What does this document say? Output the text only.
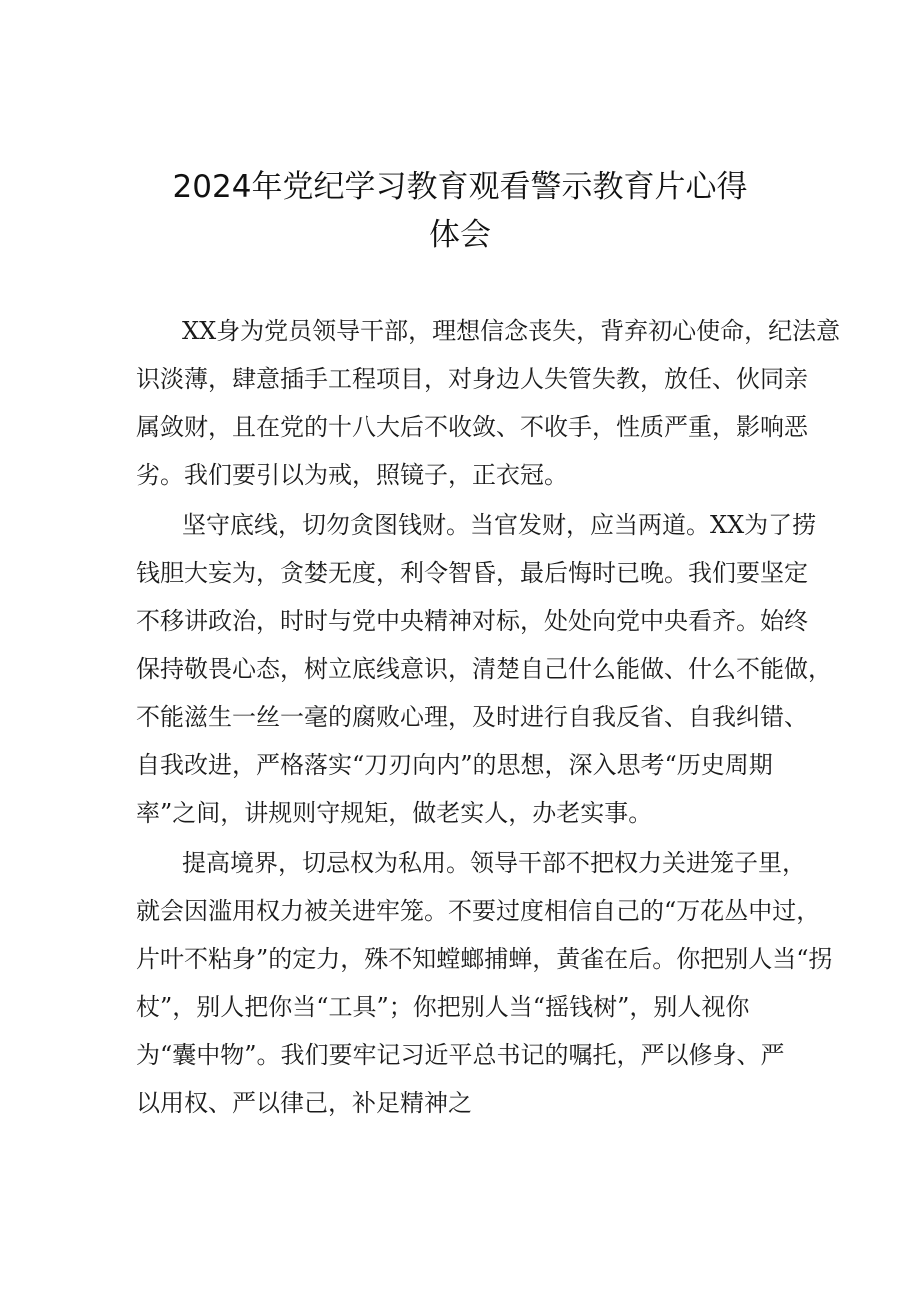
2024年党纪学习教育观看警示教育片心得
体会
XX身为党员领导干部，理想信念丧失，背弃初心使命，纪法意
识淡薄，肆意插手工程项目，对身边人失管失教，放任、伙同亲
属敛财，且在党的十八大后不收敛、不收手，性质严重，影响恶
劣。我们要引以为戒，照镜子，正衣冠。
坚守底线，切勿贪图钱财。当官发财，应当两道。XX为了捞
钱胆大妄为，贪婪无度，利令智昏，最后悔时已晚。我们要坚定
不移讲政治，时时与党中央精神对标，处处向党中央看齐。始终
保持敬畏心态，树立底线意识，清楚自己什么能做、什么不能做，
不能滋生一丝一毫的腐败心理，及时进行自我反省、自我纠错、
自我改进，严格落实“刀刃向内”的思想，深入思考“历史周期
率”之间，讲规则守规矩，做老实人，办老实事。
提高境界，切忌权为私用。领导干部不把权力关进笼子里，
就会因滥用权力被关进牢笼。不要过度相信自己的“万花丛中过，
片叶不粘身”的定力，殊不知螳螂捕蝉，黄雀在后。你把别人当“拐
杖”，别人把你当“工具”；你把别人当“摇钱树”，别人视你
为“囊中物”。我们要牢记习近平总书记的嘱托，严以修身、严
以用权、严以律己，补足精神之
